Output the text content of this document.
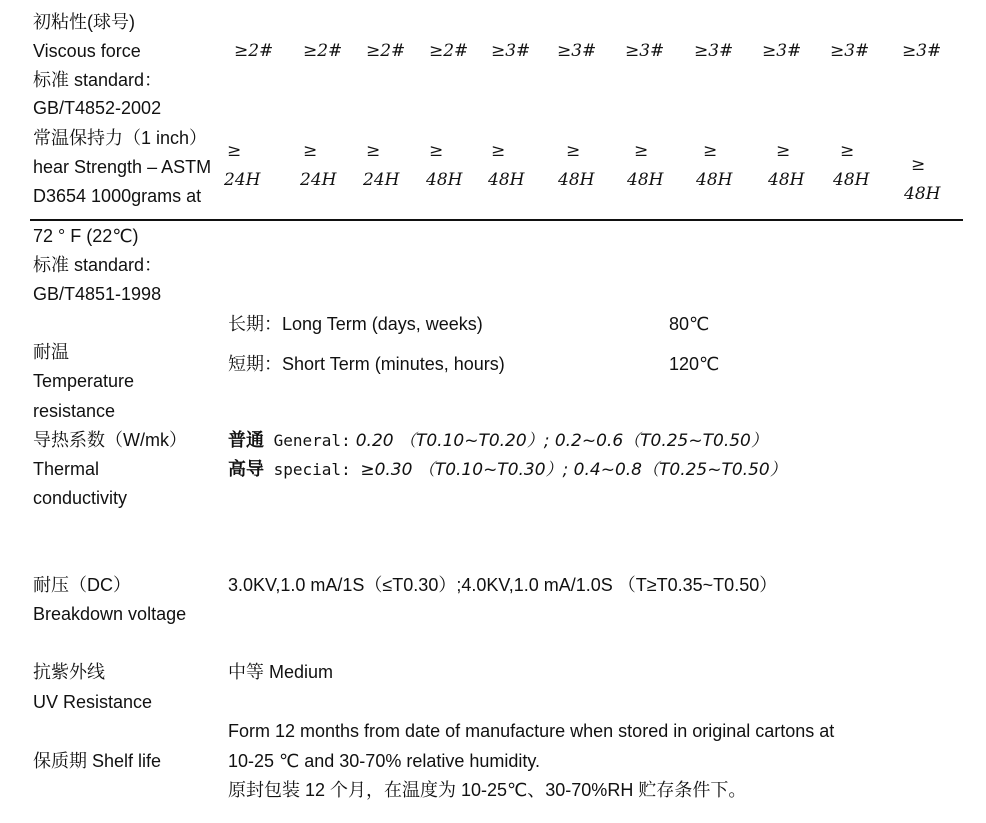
初粘性(球号)
Viscous force
标准 standard：
GB/T4852-2002
≥2# ≥2# ≥2# ≥2# ≥3# ≥3# ≥3# ≥3# ≥3# ≥3# ≥3#
常温保持力（1 inch）
hear Strength – ASTM
D3654 1000grams at
72 ° F (22℃)
标准 standard：
GB/T4851-1998
≥
24H
≥
24H
≥
24H
≥
48H
≥
48H
≥
48H
≥
48H
≥
48H
≥
48H
≥
48H
≥
48H
耐温
Temperature
resistance
长期：Long Term (days, weeks)	80℃
短期：Short Term (minutes, hours)	120℃
导热系数（W/mk）
Thermal
conductivity
普通 General: 0.20 （T0.10~T0.20）; 0.2~0.6（T0.25~T0.50）
高导 special: ≥0.30 （T0.10~T0.30）; 0.4~0.8（T0.25~T0.50）
耐压（DC）
Breakdown voltage
3.0KV,1.0 mA/1S（≤T0.30）;4.0KV,1.0 mA/1.0S （T≥T0.35~T0.50）
抗紫外线
UV Resistance
中等 Medium
保质期 Shelf life
Form 12 months from date of manufacture when stored in original cartons at
10-25 ℃ and 30-70% relative humidity.
原封包装 12 个月，在温度为 10-25℃、30-70%RH 贮存条件下。
